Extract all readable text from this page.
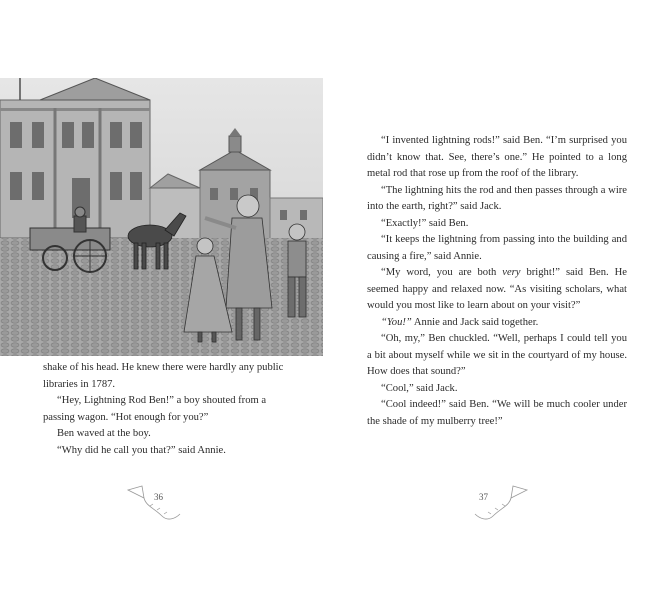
shake of his head. He knew there were hardly any public libraries in 1787.

“Hey, Lightning Rod Ben!” a boy shouted from a passing wagon. “Hot enough for you?”

Ben waved at the boy.

“Why did he call you that?” said Annie.

36

“I invented lightning rods!” said Ben. “I’m surprised you didn’t know that. See, there’s one.” He pointed to a long metal rod that rose up from the roof of the library.

“The lightning hits the rod and then passes through a wire into the earth, right?” said Jack.

“Exactly!” said Ben.

“It keeps the lightning from passing into the building and causing a fire,” said Annie.

“My word, you are both very bright!” said Ben. He seemed happy and relaxed now. “As visiting scholars, what would you most like to learn about on your visit?”

“You!” Annie and Jack said together.

“Oh, my,” Ben chuckled. “Well, perhaps I could tell you a bit about myself while we sit in the courtyard of my house. How does that sound?”

“Cool,” said Jack.

“Cool indeed!” said Ben. “We will be much cooler under the shade of my mulberry tree!”

37
